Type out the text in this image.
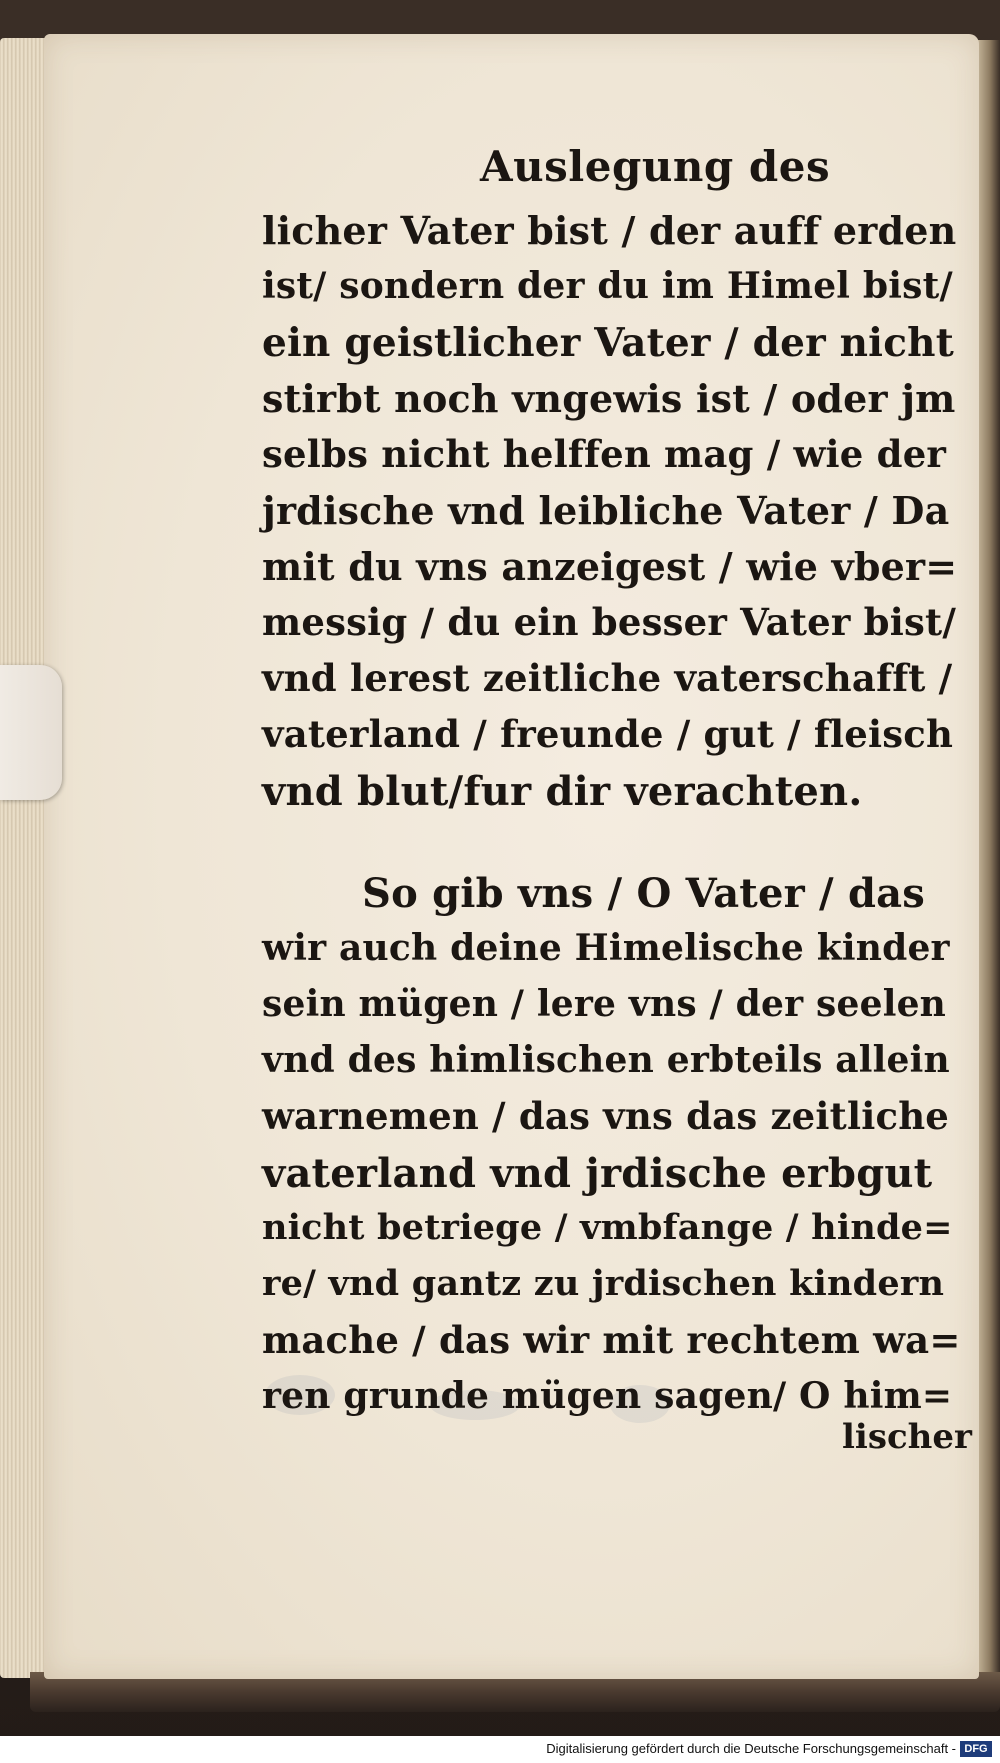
Auslegung des
licher Vater bist / der auff erden
ist/ sondern der du im Himel bist/
ein geistlicher Vater / der nicht
stirbt noch vngewis ist / oder jm
selbs nicht helffen mag / wie der
jrdische vnd leibliche Vater / Da
mit du vns anzeigest / wie vber=
messig / du ein besser Vater bist/
vnd lerest zeitliche vaterschafft /
vaterland / freunde / gut / fleisch
vnd blut/fur dir verachten.
So gib vns / O Vater / das
wir auch deine Himelische kinder
sein mügen / lere vns / der seelen
vnd des himlischen erbteils allein
warnemen / das vns das zeitliche
vaterland vnd jrdische erbgut
nicht betriege / vmbfange / hinde=
re/ vnd gantz zu jrdischen kindern
mache / das wir mit rechtem wa=
ren grunde mügen sagen/ O him=
lischer
Digitalisierung gefördert durch die Deutsche Forschungsgemeinschaft - DFG
